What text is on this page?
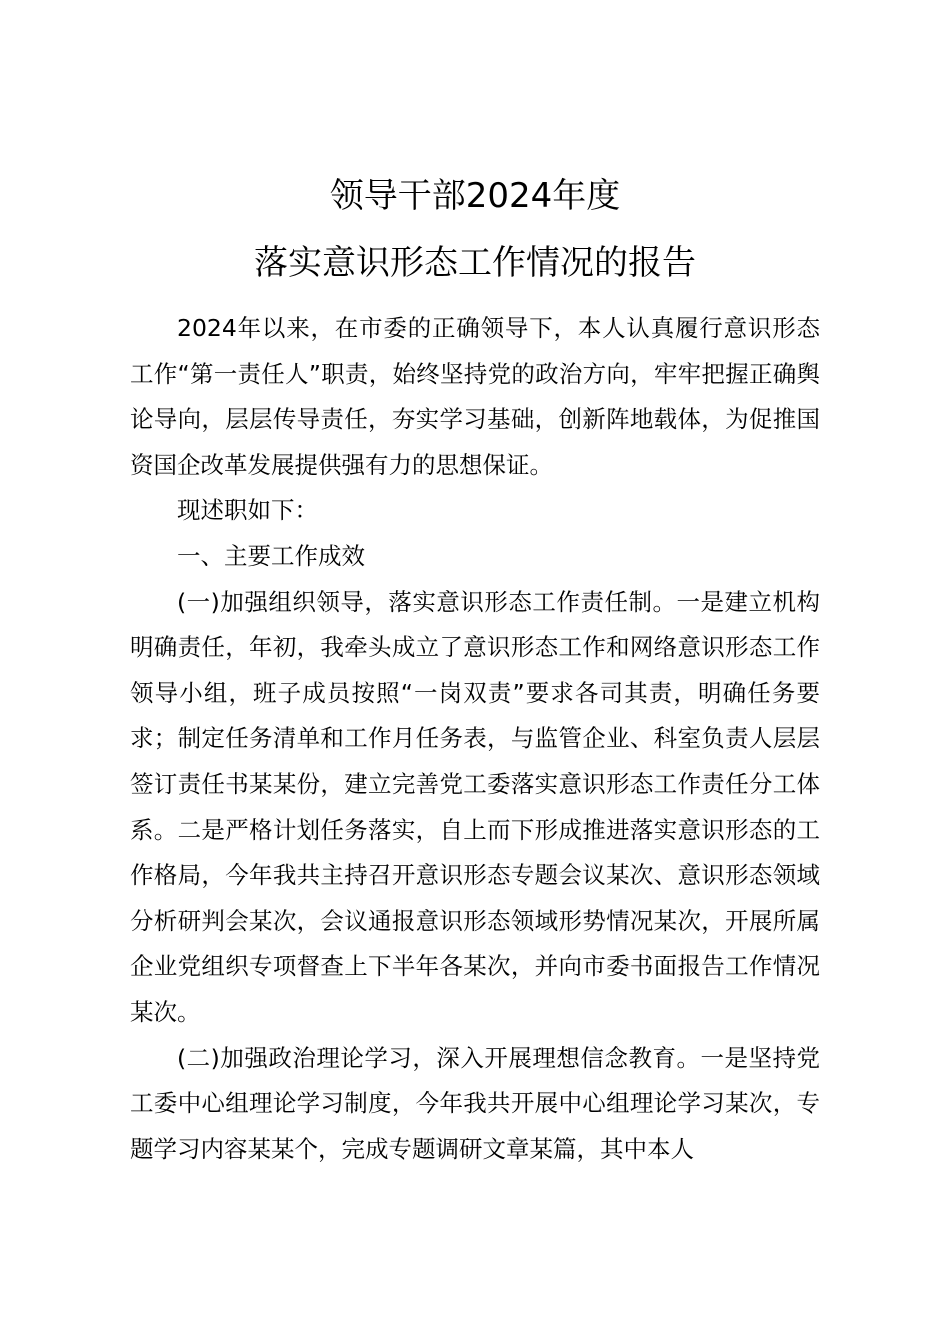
领导干部2024年度
落实意识形态工作情况的报告

2024年以来，在市委的正确领导下，本人认真履行意识形态工作“第一责任人”职责，始终坚持党的政治方向，牢牢把握正确舆论导向，层层传导责任，夯实学习基础，创新阵地载体，为促推国资国企改革发展提供强有力的思想保证。

现述职如下：

一、主要工作成效

(一)加强组织领导，落实意识形态工作责任制。一是建立机构明确责任，年初，我牵头成立了意识形态工作和网络意识形态工作领导小组，班子成员按照“一岗双责”要求各司其责，明确任务要求；制定任务清单和工作月任务表，与监管企业、科室负责人层层签订责任书某某份，建立完善党工委落实意识形态工作责任分工体系。二是严格计划任务落实，自上而下形成推进落实意识形态的工作格局，今年我共主持召开意识形态专题会议某次、意识形态领域分析研判会某次，会议通报意识形态领域形势情况某次，开展所属企业党组织专项督查上下半年各某次，并向市委书面报告工作情况某次。

(二)加强政治理论学习，深入开展理想信念教育。一是坚持党工委中心组理论学习制度，今年我共开展中心组理论学习某次，专题学习内容某某个，完成专题调研文章某篇，其中本人
